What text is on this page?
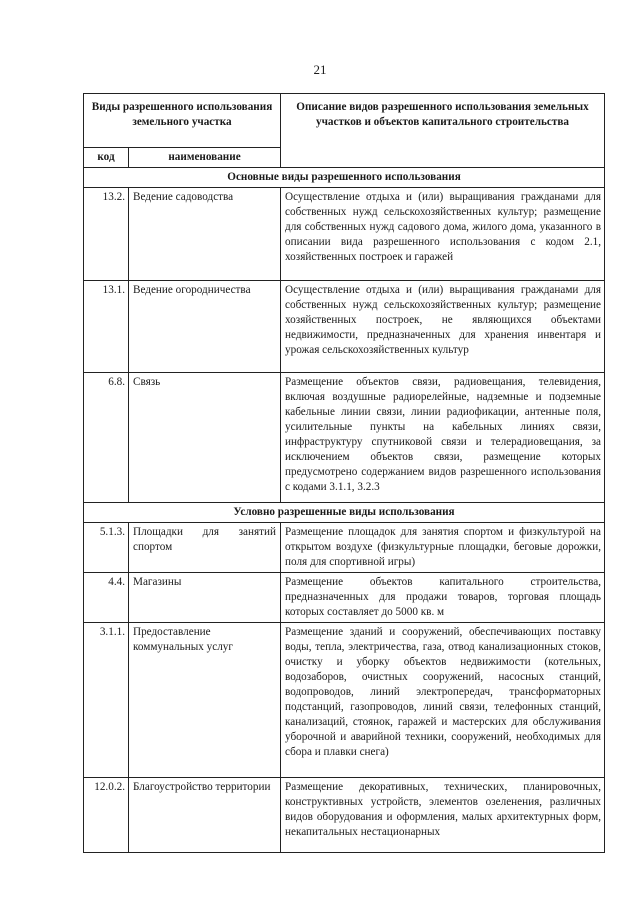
21
Виды разрешенного использования земельного участка		Описание видов разрешенного использования земельных участков и объектов капитального строительства
код	наименование	
Основные виды разрешенного использования		
13.2.	Ведение садоводства	Осуществление отдыха и (или) выращивания гражданами для собственных нужд сельскохозяйственных культур; размещение для собственных нужд садового дома, жилого дома, указанного в описании вида разрешенного использования с кодом 2.1, хозяйственных построек и гаражей
13.1.	Ведение огородничества	Осуществление отдыха и (или) выращивания гражданами для собственных нужд сельскохозяйственных культур; размещение хозяйственных построек, не являющихся объектами недвижимости, предназначенных для хранения инвентаря и урожая сельскохозяйственных культур
6.8.	Связь	Размещение объектов связи, радиовещания, телевидения, включая воздушные радиорелейные, надземные и подземные кабельные линии связи, линии радиофикации, антенные поля, усилительные пункты на кабельных линиях связи, инфраструктуру спутниковой связи и телерадиовещания, за исключением объектов связи, размещение которых предусмотрено содержанием видов разрешенного использования с кодами 3.1.1, 3.2.3
Условно разрешенные виды использования		
5.1.3.	Площадки для занятий спортом	Размещение площадок для занятия спортом и физкультурой на открытом воздухе (физкультурные площадки, беговые дорожки, поля для спортивной игры)
4.4.	Магазины	Размещение объектов капитального строительства, предназначенных для продажи товаров, торговая площадь которых составляет до 5000 кв. м
3.1.1.	Предоставление коммунальных услуг	Размещение зданий и сооружений, обеспечивающих поставку воды, тепла, электричества, газа, отвод канализационных стоков, очистку и уборку объектов недвижимости (котельных, водозаборов, очистных сооружений, насосных станций, водопроводов, линий электропередач, трансформаторных подстанций, газопроводов, линий связи, телефонных станций, канализаций, стоянок, гаражей и мастерских для обслуживания уборочной и аварийной техники, сооружений, необходимых для сбора и плавки снега)
12.0.2.	Благоустройство территории	Размещение декоративных, технических, планировочных, конструктивных устройств, элементов озеленения, различных видов оборудования и оформления, малых архитектурных форм, некапитальных нестационарных
